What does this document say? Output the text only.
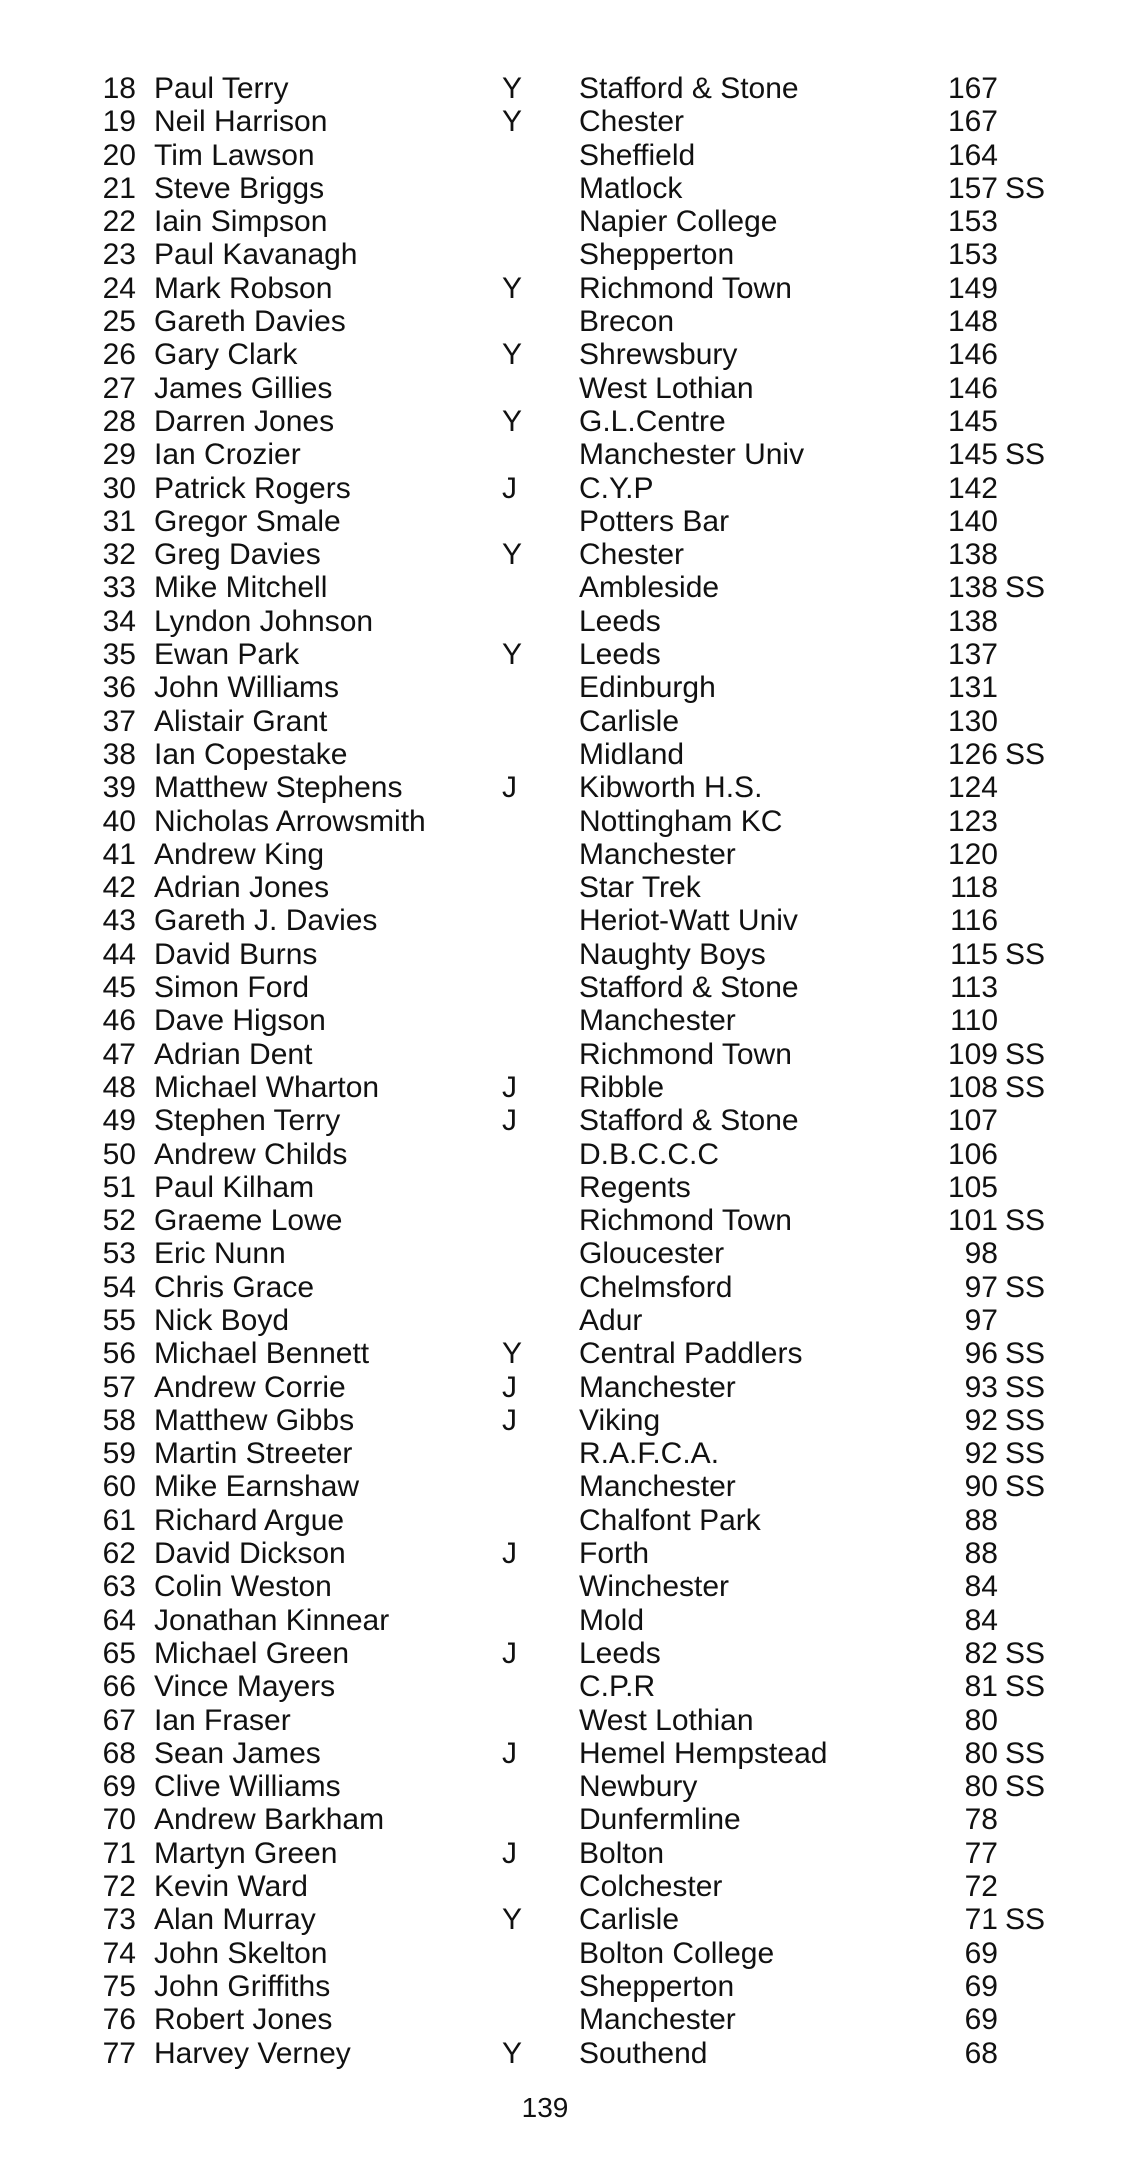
18 Paul Terry	Y Stafford & Stone	167
19 Neil Harrison	Y Chester	167
20 Tim Lawson	Sheffield	164
21 Steve Briggs	Matlock	157 SS
22 Iain Simpson	Napier College	153
23 Paul Kavanagh	Shepperton	153
24 Mark Robson	Y Richmond Town	149
25 Gareth Davies	Brecon	148
26 Gary Clark	Y Shrewsbury	146
27 James Gillies	West Lothian	146
28 Darren Jones	Y G.L.Centre	145
29 Ian Crozier	Manchester Univ	145 SS
30 Patrick Rogers	J C.Y.P	142
31 Gregor Smale	Potters Bar	140
32 Greg Davies	Y Chester	138
33 Mike Mitchell	Ambleside	138 SS
34 Lyndon Johnson	Leeds	138
35 Ewan Park	Y Leeds	137
36 John Williams	Edinburgh	131
37 Alistair Grant	Carlisle	130
38 Ian Copestake	Midland	126 SS
39 Matthew Stephens	J Kibworth H.S.	124
40 Nicholas Arrowsmith	Nottingham KC	123
41 Andrew King	Manchester	120
42 Adrian Jones	Star Trek	118
43 Gareth J. Davies	Heriot-Watt Univ	116
44 David Burns	Naughty Boys	115 SS
45 Simon Ford	Stafford & Stone	113
46 Dave Higson	Manchester	110
47 Adrian Dent	Richmond Town	109 SS
48 Michael Wharton	J Ribble	108 SS
49 Stephen Terry	J Stafford & Stone	107
50 Andrew Childs	D.B.C.C.C	106
51 Paul Kilham	Regents	105
52 Graeme Lowe	Richmond Town	101 SS
53 Eric Nunn	Gloucester	98
54 Chris Grace	Chelmsford	97 SS
55 Nick Boyd	Adur	97
56 Michael Bennett	Y Central Paddlers	96 SS
57 Andrew Corrie	J Manchester	93 SS
58 Matthew Gibbs	J Viking	92 SS
59 Martin Streeter	R.A.F.C.A.	92 SS
60 Mike Earnshaw	Manchester	90 SS
61 Richard Argue	Chalfont Park	88
62 David Dickson	J Forth	88
63 Colin Weston	Winchester	84
64 Jonathan Kinnear	Mold	84
65 Michael Green	J Leeds	82 SS
66 Vince Mayers	C.P.R	81 SS
67 Ian Fraser	West Lothian	80
68 Sean James	J Hemel Hempstead	80 SS
69 Clive Williams	Newbury	80 SS
70 Andrew Barkham	Dunfermline	78
71 Martyn Green	J Bolton	77
72 Kevin Ward	Colchester	72
73 Alan Murray	Y Carlisle	71 SS
74 John Skelton	Bolton College	69
75 John Griffiths	Shepperton	69
76 Robert Jones	Manchester	69
77 Harvey Verney	Y Southend	68
139
